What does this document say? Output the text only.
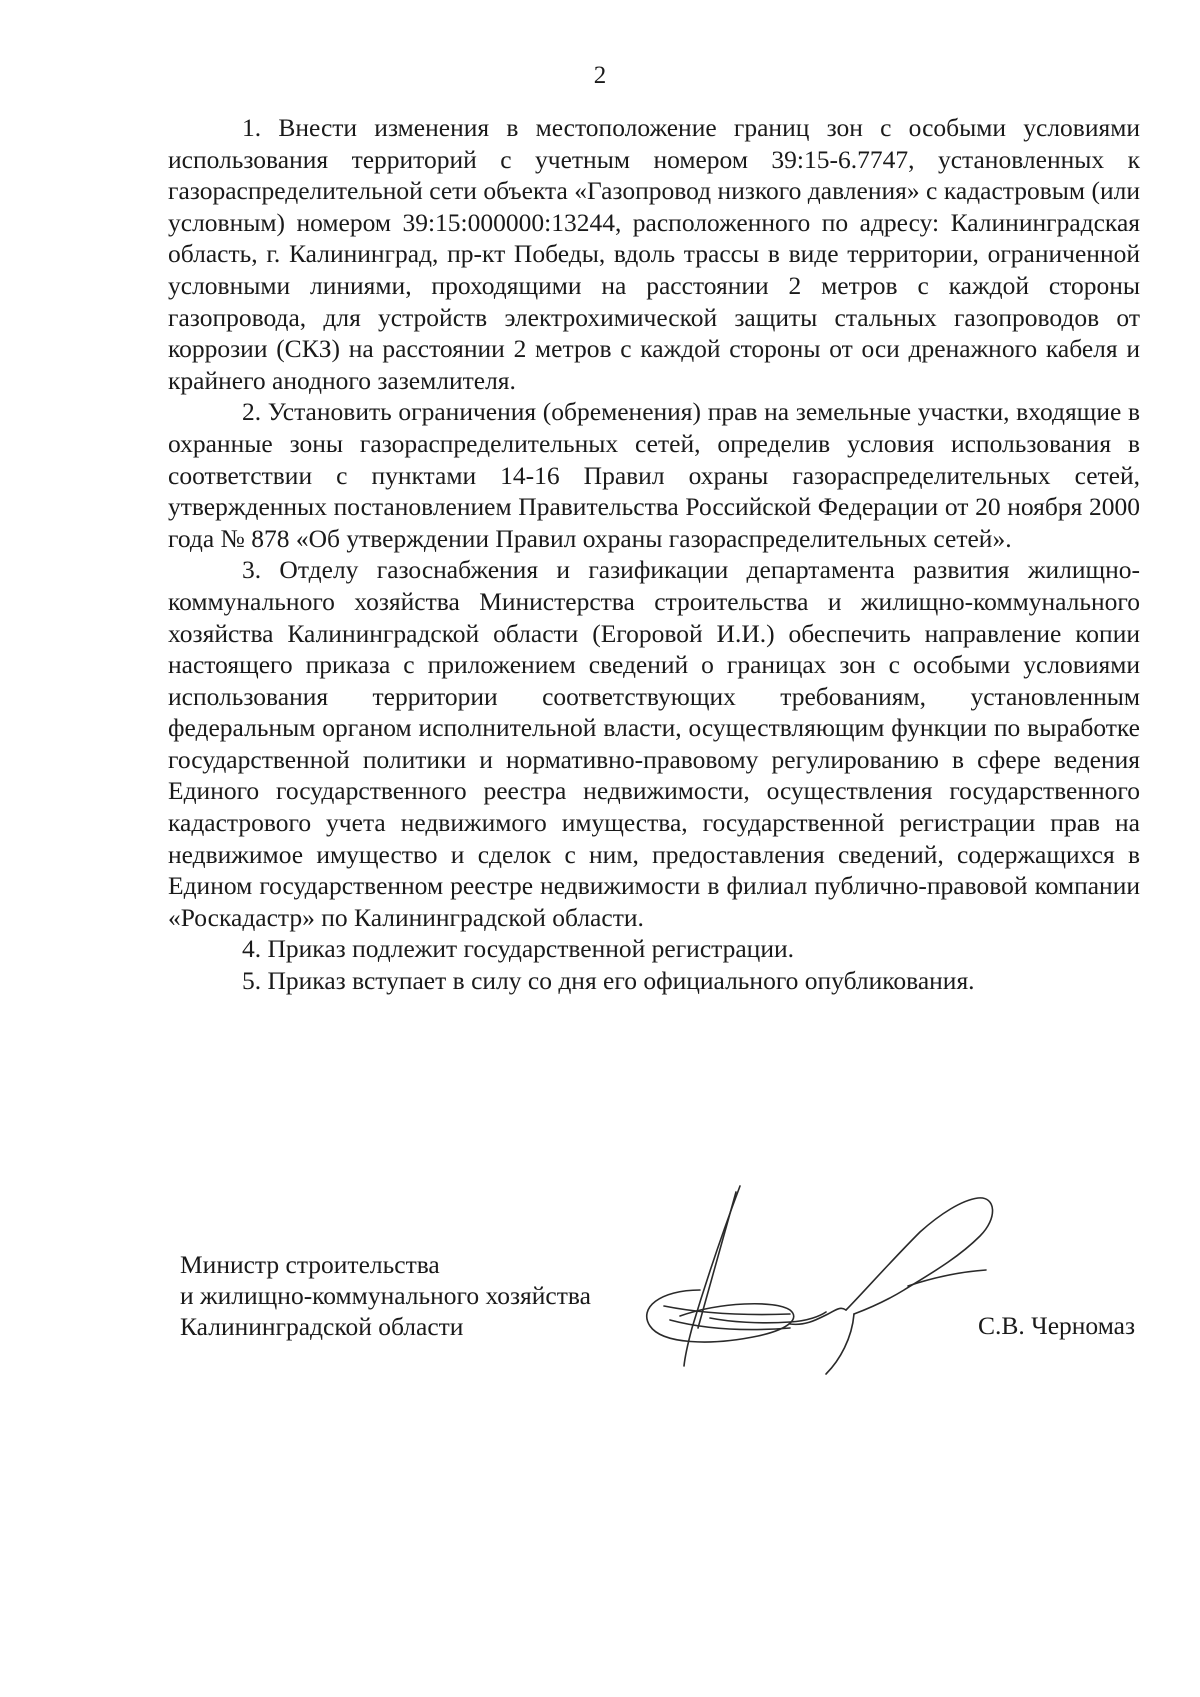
2

1. Внести изменения в местоположение границ зон с особыми условиями использования территорий с учетным номером 39:15-6.7747, установленных к газораспределительной сети объекта «Газопровод низкого давления» с кадастровым (или условным) номером 39:15:000000:13244, расположенного по адресу: Калининградская область, г. Калининград, пр-кт Победы, вдоль трассы в виде территории, ограниченной условными линиями, проходящими на расстоянии 2 метров с каждой стороны газопровода, для устройств электрохимической защиты стальных газопроводов от коррозии (СКЗ) на расстоянии 2 метров с каждой стороны от оси дренажного кабеля и крайнего анодного заземлителя.

2. Установить ограничения (обременения) прав на земельные участки, входящие в охранные зоны газораспределительных сетей, определив условия использования в соответствии с пунктами 14-16 Правил охраны газораспределительных сетей, утвержденных постановлением Правительства Российской Федерации от 20 ноября 2000 года № 878 «Об утверждении Правил охраны газораспределительных сетей».

3. Отделу газоснабжения и газификации департамента развития жилищно-коммунального хозяйства Министерства строительства и жилищно-коммунального хозяйства Калининградской области (Егоровой И.И.) обеспечить направление копии настоящего приказа с приложением сведений о границах зон с особыми условиями использования территории соответствующих требованиям, установленным федеральным органом исполнительной власти, осуществляющим функции по выработке государственной политики и нормативно-правовому регулированию в сфере ведения Единого государственного реестра недвижимости, осуществления государственного кадастрового учета недвижимого имущества, государственной регистрации прав на недвижимое имущество и сделок с ним, предоставления сведений, содержащихся в Едином государственном реестре недвижимости в филиал публично-правовой компании «Роскадастр» по Калининградской области.

4. Приказ подлежит государственной регистрации.

5. Приказ вступает в силу со дня его официального опубликования.

Министр строительства
и жилищно-коммунального хозяйства
Калининградской области	С.В. Черномаз
